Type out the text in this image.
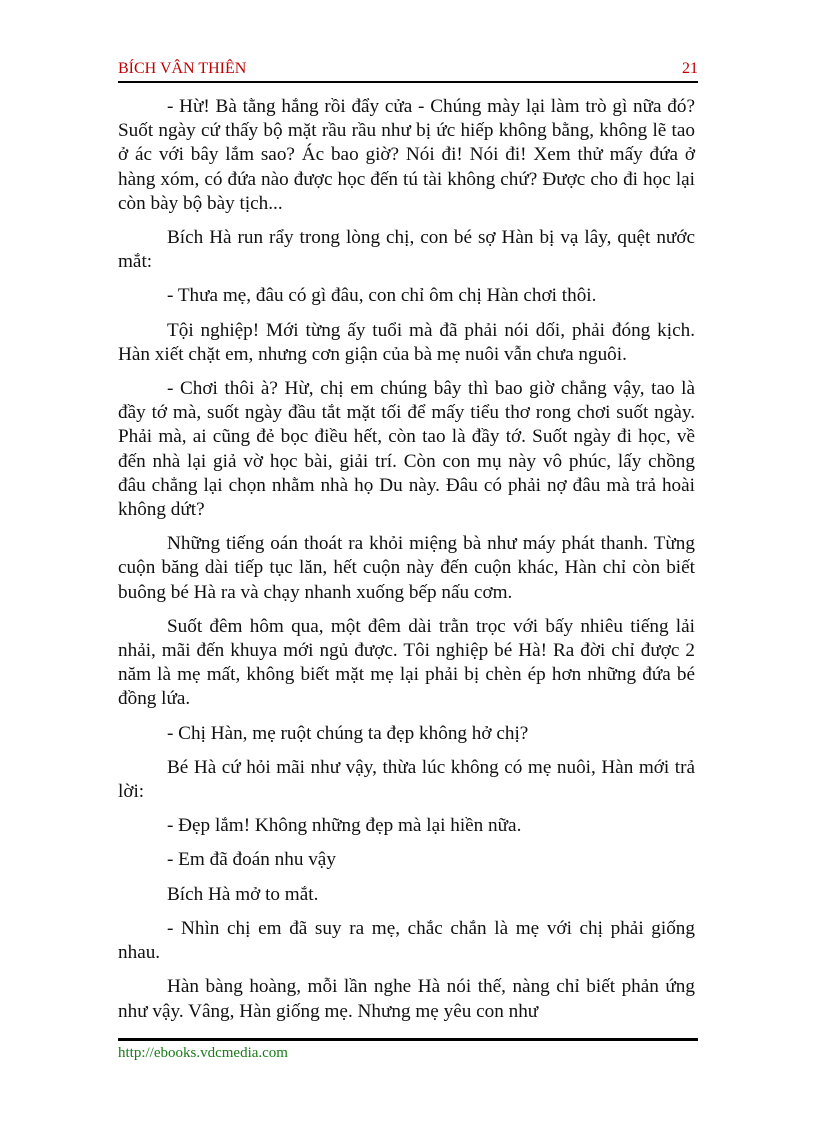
BÍCH VÂN THIÊN	21

- Hừ! Bà tằng hắng rồi đẩy cửa - Chúng mày lại làm trò gì nữa đó? Suốt ngày cứ thấy bộ mặt rầu rầu như bị ức hiếp không bằng, không lẽ tao ở ác với bây lắm sao? Ác bao giờ? Nói đi! Nói đi! Xem thử mấy đứa ở hàng xóm, có đứa nào được học đến tú tài không chứ? Được cho đi học lại còn bày bộ bày tịch...

Bích Hà run rẩy trong lòng chị, con bé sợ Hàn bị vạ lây, quệt nước mắt:

- Thưa mẹ, đâu có gì đâu, con chỉ ôm chị Hàn chơi thôi.

Tội nghiệp! Mới từng ấy tuổi mà đã phải nói dối, phải đóng kịch. Hàn xiết chặt em, nhưng cơn giận của bà mẹ nuôi vẫn chưa nguôi.

- Chơi thôi à? Hừ, chị em chúng bây thì bao giờ chẳng vậy, tao là đầy tớ mà, suốt ngày đầu tắt mặt tối để mấy tiểu thơ rong chơi suốt ngày. Phải mà, ai cũng đẻ bọc điều hết, còn tao là đầy tớ. Suốt ngày đi học, về đến nhà lại giả vờ học bài, giải trí. Còn con mụ này vô phúc, lấy chồng đâu chẳng lại chọn nhằm nhà họ Du này. Đâu có phải nợ đâu mà trả hoài không dứt?

Những tiếng oán thoát ra khỏi miệng bà như máy phát thanh. Từng cuộn băng dài tiếp tục lăn, hết cuộn này đến cuộn khác, Hàn chỉ còn biết buông bé Hà ra và chạy nhanh xuống bếp nấu cơm.

Suốt đêm hôm qua, một đêm dài trằn trọc với bấy nhiêu tiếng lải nhải, mãi đến khuya mới ngủ được. Tôi nghiệp bé Hà! Ra đời chỉ được 2 năm là mẹ mất, không biết mặt mẹ lại phải bị chèn ép hơn những đứa bé đồng lứa.

- Chị Hàn, mẹ ruột chúng ta đẹp không hở chị?

Bé Hà cứ hỏi mãi như vậy, thừa lúc không có mẹ nuôi, Hàn mới trả lời:

- Đẹp lắm! Không những đẹp mà lại hiền nữa.

- Em đã đoán nhu vậy

Bích Hà mở to mắt.

- Nhìn chị em đã suy ra mẹ, chắc chắn là mẹ với chị phải giống nhau.

Hàn bàng hoàng, mỗi lần nghe Hà nói thế, nàng chỉ biết phản ứng như vậy. Vâng, Hàn giống mẹ. Nhưng mẹ yêu con như

http://ebooks.vdcmedia.com
